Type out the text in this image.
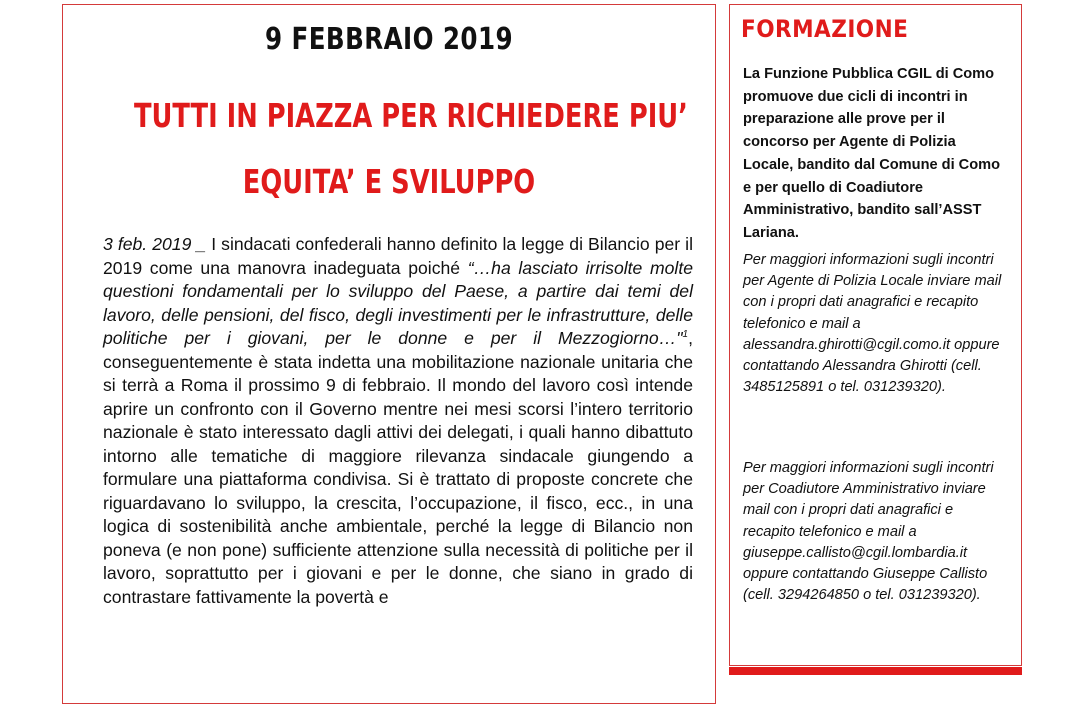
9 FEBBRAIO 2019
TUTTI IN PIAZZA PER RICHIEDERE PIU’
EQUITA’ E SVILUPPO
3 feb. 2019 _ I sindacati confederali hanno definito la legge di Bilancio per il 2019 come una manovra inadeguata poiché “…ha lasciato irrisolte molte questioni fondamentali per lo sviluppo del Paese, a partire dai temi del lavoro, delle pensioni, del fisco, degli investimenti per le infrastrutture, delle politiche per i giovani, per le donne e per il Mezzogiorno…"$^1$, conseguentemente è stata indetta una mobilitazione nazionale unitaria che si terrà a Roma il prossimo 9 di febbraio. Il mondo del lavoro così intende aprire un confronto con il Governo mentre nei mesi scorsi l’intero territorio nazionale è stato interessato dagli attivi dei delegati, i quali hanno dibattuto intorno alle tematiche di maggiore rilevanza sindacale giungendo a formulare una piattaforma condivisa. Si è trattato di proposte concrete che riguardavano lo sviluppo, la crescita, l’occupazione, il fisco, ecc., in una logica di sostenibilità anche ambientale, perché la legge di Bilancio non poneva (e non pone) sufficiente attenzione sulla necessità di politiche per il lavoro, soprattutto per i giovani e per le donne, che siano in grado di contrastare fattivamente la povertà e
FORMAZIONE
La Funzione Pubblica CGIL di Como promuove due cicli di incontri in preparazione alle prove per il concorso per Agente di Polizia Locale, bandito dal Comune di Como e per quello di Coadiutore Amministrativo, bandito sall’ASST Lariana.
Per maggiori informazioni sugli incontri per Agente di Polizia Locale inviare mail con i propri dati anagrafici e recapito telefonico e mail a alessandra.ghirotti@cgil.como.it oppure contattando Alessandra Ghirotti (cell. 3485125891 o tel. 031239320).
Per maggiori informazioni sugli incontri per Coadiutore Amministrativo inviare mail con i propri dati anagrafici e recapito telefonico e mail a giuseppe.callisto@cgil.lombardia.it oppure contattando Giuseppe Callisto (cell. 3294264850 o tel. 031239320).
